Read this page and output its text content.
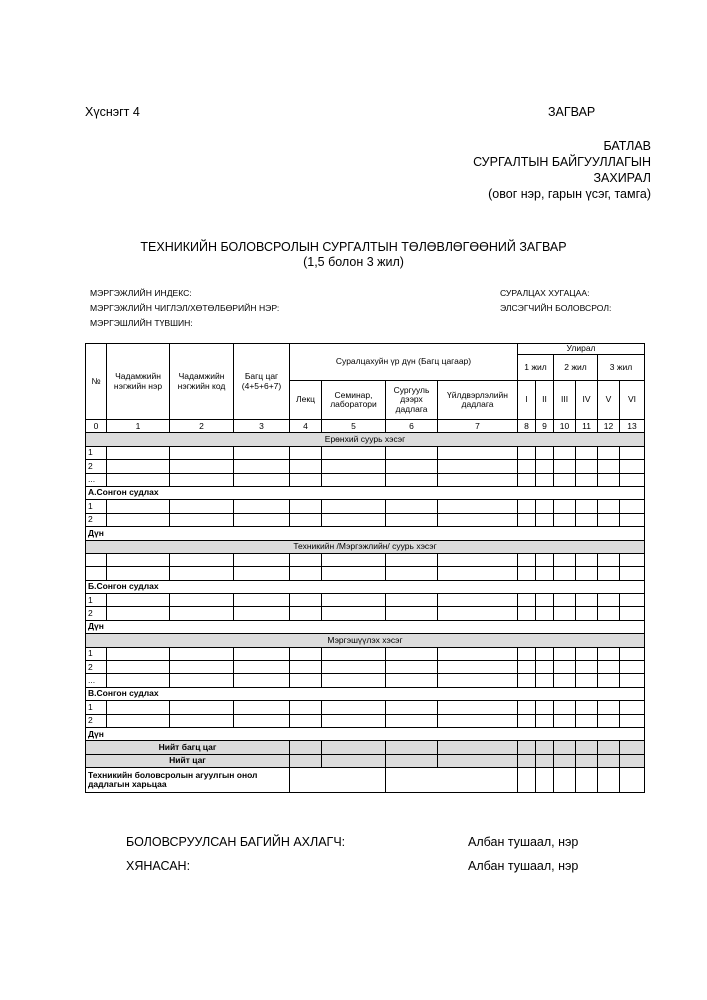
Хүснэгт 4	ЗАГВАР
БАТЛАВ
СУРГАЛТЫН БАЙГУУЛЛАГЫН
ЗАХИРАЛ
(овог нэр, гарын үсэг, тамга)
ТЕХНИКИЙН БОЛОВСРОЛЫН СУРГАЛТЫН ТӨЛӨВЛӨГӨӨНИЙ ЗАГВАР
(1,5 болон 3 жил)
МЭРГЭЖЛИЙН ИНДЕКС:
МЭРГЭЖЛИЙН ЧИГЛЭЛ/ХӨТӨЛБӨРИЙН НЭР:
МЭРГЭШЛИЙН ТҮВШИН:
СУРАЛЦАХ ХУГАЦАА:
ЭЛСЭГЧИЙН БОЛОВСРОЛ:
№	Чадамжийн нэгжийн нэр	Чадамжийн нэгжийн код	Багц цаг (4+5+6+7)	Суралцахуйн үр дүн (Багц цагаар)				Улирал					
								1 жил		2 жил		3 жил	
				Лекц	Семинар, лаборатори	Сургууль дээрх дадлага	Үйлдвэрлэлийн дадлага	I	II	III	IV	V	VI
0	1	2	3	4	5	6	7	8	9	10	11	12	13
Ерөнхий суурь хэсэг													
1													
2													
...													
А.Сонгон судлах													
1													
2													
Дүн													
Техникийн /Мэргэжлийн/ суурь хэсэг													

Б.Сонгон судлах													
1													
2													
Дүн													
Мэргэшүүлэх хэсэг													
1													
2													
...													
В.Сонгон судлах													
1													
2													
Дүн													
Нийт багц цаг													
Нийт цаг													
Техникийн боловсролын агуулгын онол дадлагын харьцаа													
БОЛОВСРУУЛСАН БАГИЙН АХЛАГЧ:	Албан тушаал, нэр
ХЯНАСАН:	Албан тушаал, нэр
